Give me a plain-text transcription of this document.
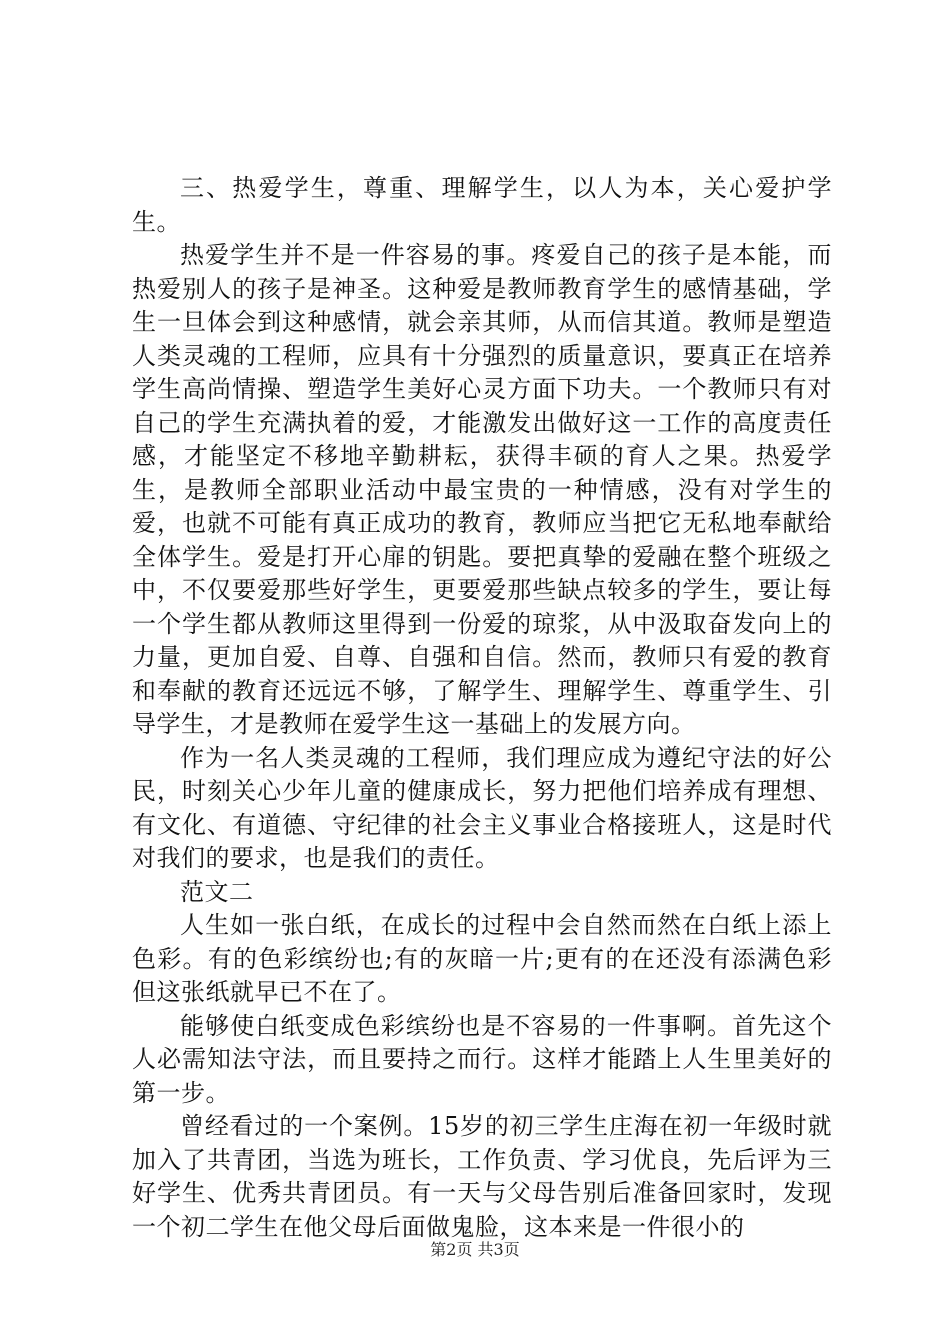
三、热爱学生，尊重、理解学生，以人为本，关心爱护学生。

热爱学生并不是一件容易的事。疼爱自己的孩子是本能，而热爱别人的孩子是神圣。这种爱是教师教育学生的感情基础，学生一旦体会到这种感情，就会亲其师，从而信其道。教师是塑造人类灵魂的工程师，应具有十分强烈的质量意识，要真正在培养学生高尚情操、塑造学生美好心灵方面下功夫。一个教师只有对自己的学生充满执着的爱，才能激发出做好这一工作的高度责任感，才能坚定不移地辛勤耕耘，获得丰硕的育人之果。热爱学生，是教师全部职业活动中最宝贵的一种情感，没有对学生的爱，也就不可能有真正成功的教育，教师应当把它无私地奉献给全体学生。爱是打开心扉的钥匙。要把真挚的爱融在整个班级之中，不仅要爱那些好学生，更要爱那些缺点较多的学生，要让每一个学生都从教师这里得到一份爱的琼浆，从中汲取奋发向上的力量，更加自爱、自尊、自强和自信。然而，教师只有爱的教育和奉献的教育还远远不够，了解学生、理解学生、尊重学生、引导学生，才是教师在爱学生这一基础上的发展方向。

作为一名人类灵魂的工程师，我们理应成为遵纪守法的好公民，时刻关心少年儿童的健康成长，努力把他们培养成有理想、有文化、有道德、守纪律的社会主义事业合格接班人，这是时代对我们的要求，也是我们的责任。

范文二

人生如一张白纸，在成长的过程中会自然而然在白纸上添上色彩。有的色彩缤纷也;有的灰暗一片;更有的在还没有添满色彩但这张纸就早已不在了。

能够使白纸变成色彩缤纷也是不容易的一件事啊。首先这个人必需知法守法，而且要持之而行。这样才能踏上人生里美好的第一步。

曾经看过的一个案例。15岁的初三学生庄海在初一年级时就加入了共青团，当选为班长，工作负责、学习优良，先后评为三好学生、优秀共青团员。有一天与父母告别后准备回家时，发现一个初二学生在他父母后面做鬼脸，这本来是一件很小的

第2页 共3页
